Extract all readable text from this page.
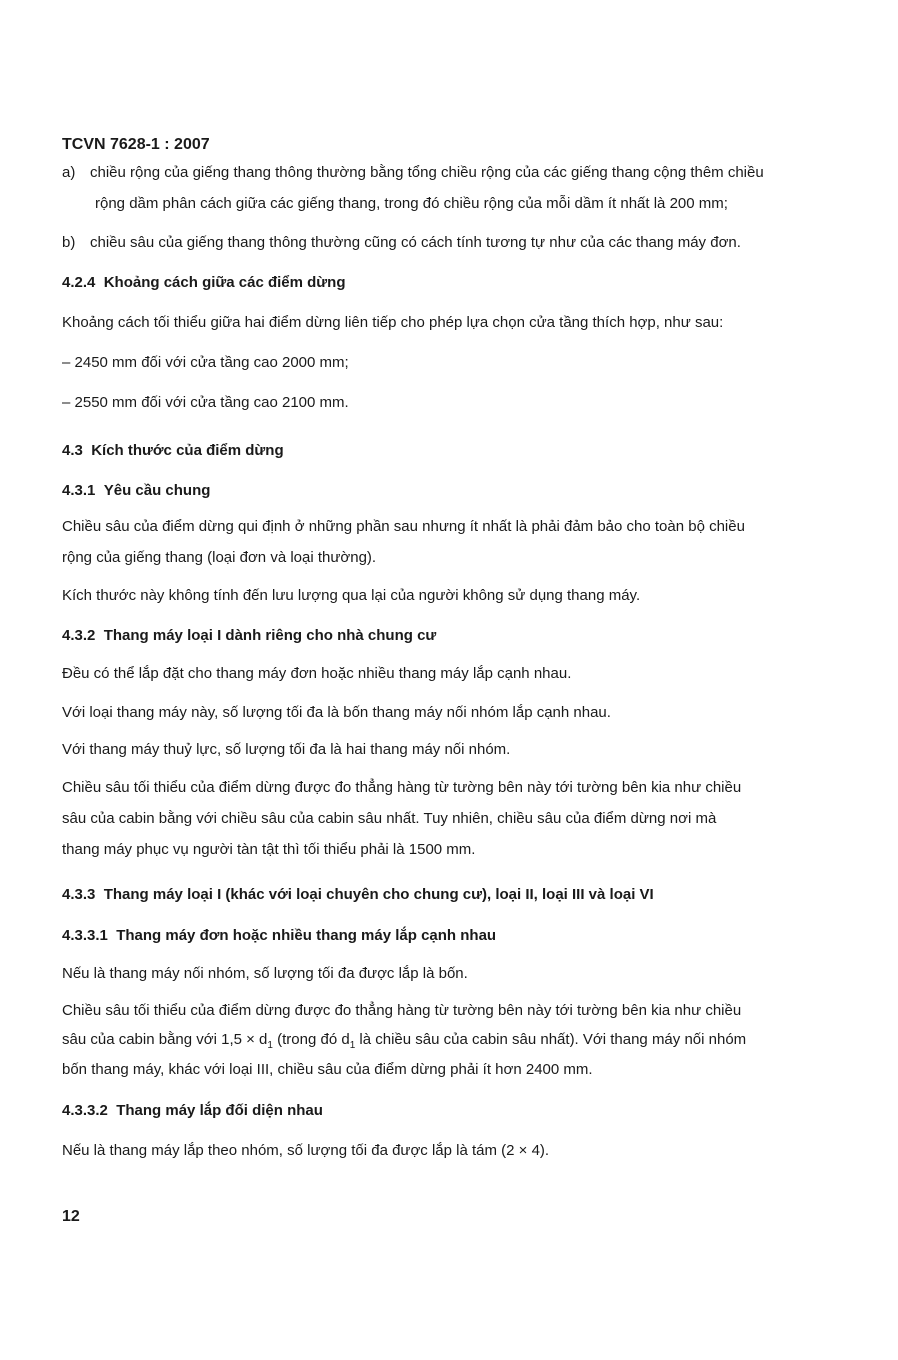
TCVN 7628-1 : 2007
a) chiều rộng của giếng thang thông thường bằng tổng chiều rộng của các giếng thang cộng thêm chiều
rộng dầm phân cách giữa các giếng thang, trong đó chiều rộng của mỗi dầm ít nhất là 200 mm;
b) chiều sâu của giếng thang thông thường cũng có cách tính tương tự như của các thang máy đơn.
4.2.4 Khoảng cách giữa các điểm dừng
Khoảng cách tối thiểu giữa hai điểm dừng liên tiếp cho phép lựa chọn cửa tầng thích hợp, như sau:
– 2450 mm đối với cửa tầng cao 2000 mm;
– 2550 mm đối với cửa tầng cao 2100 mm.
4.3 Kích thước của điểm dừng
4.3.1 Yêu cầu chung
Chiều sâu của điểm dừng qui định ở những phần sau nhưng ít nhất là phải đảm bảo cho toàn bộ chiều
rộng của giếng thang (loại đơn và loại thường).
Kích thước này không tính đến lưu lượng qua lại của người không sử dụng thang máy.
4.3.2 Thang máy loại I dành riêng cho nhà chung cư
Đều có thể lắp đặt cho thang máy đơn hoặc nhiều thang máy lắp cạnh nhau.
Với loại thang máy này, số lượng tối đa là bốn thang máy nối nhóm lắp cạnh nhau.
Với thang máy thuỷ lực, số lượng tối đa là hai thang máy nối nhóm.
Chiều sâu tối thiểu của điểm dừng được đo thẳng hàng từ tường bên này tới tường bên kia như chiều
sâu của cabin bằng với chiều sâu của cabin sâu nhất. Tuy nhiên, chiều sâu của điểm dừng nơi mà
thang máy phục vụ người tàn tật thì tối thiểu phải là 1500 mm.
4.3.3 Thang máy loại I (khác với loại chuyên cho chung cư), loại II, loại III và loại VI
4.3.3.1 Thang máy đơn hoặc nhiều thang máy lắp cạnh nhau
Nếu là thang máy nối nhóm, số lượng tối đa được lắp là bốn.
Chiều sâu tối thiểu của điểm dừng được đo thẳng hàng từ tường bên này tới tường bên kia như chiều
sâu của cabin bằng với $1,5 \times d_1$ (trong đó $d_1$ là chiều sâu của cabin sâu nhất). Với thang máy nối nhóm
bốn thang máy, khác với loại III, chiều sâu của điểm dừng phải ít hơn 2400 mm.
4.3.3.2 Thang máy lắp đối diện nhau
Nếu là thang máy lắp theo nhóm, số lượng tối đa được lắp là tám (2 × 4).
12
